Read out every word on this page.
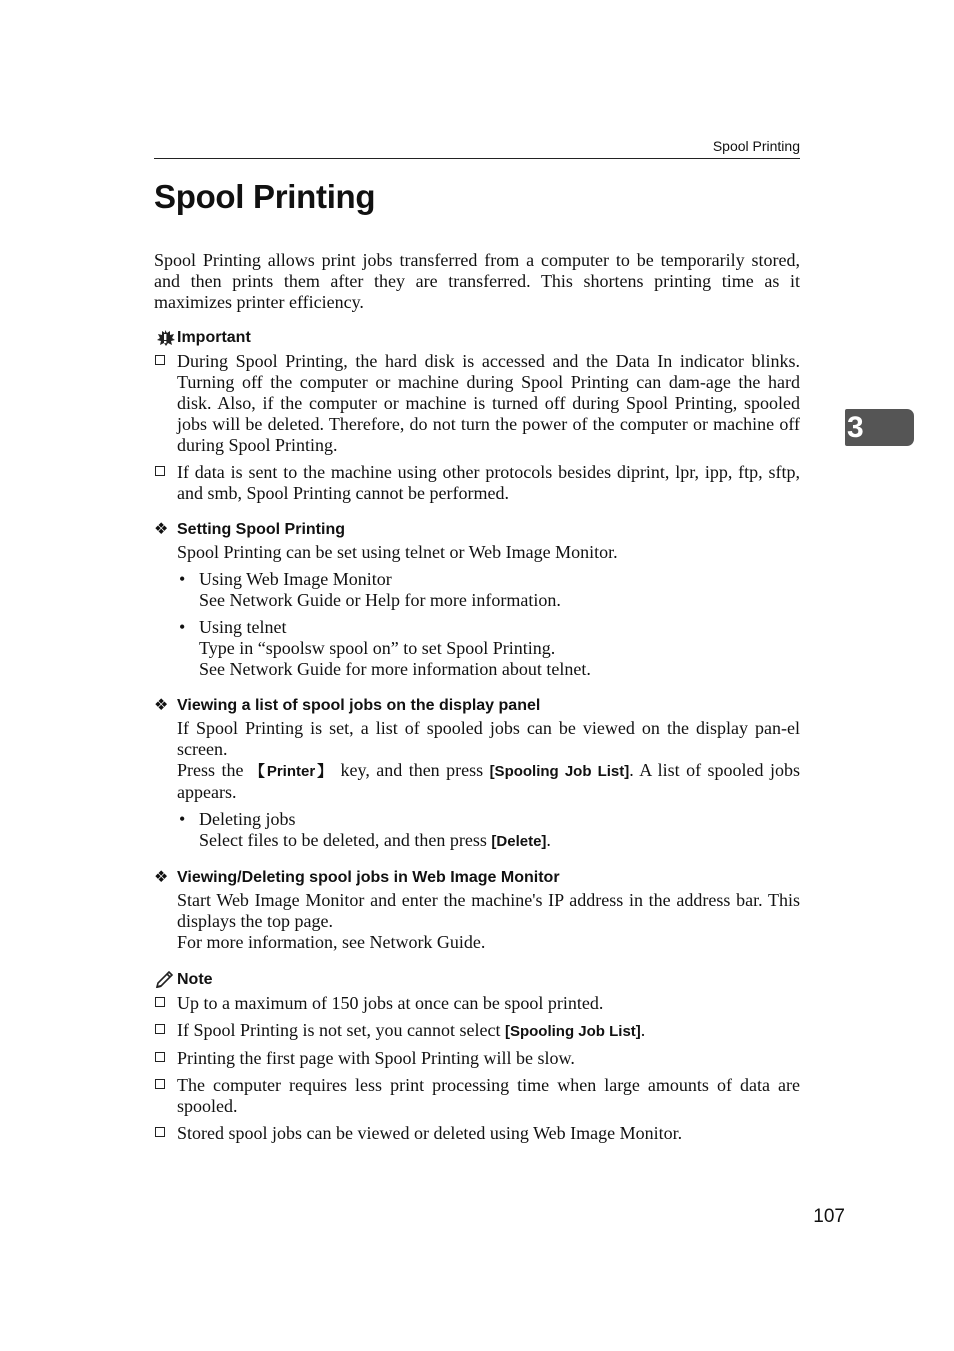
Spool Printing
Spool Printing
3

Spool Printing allows print jobs transferred from a computer to be temporarily stored, and then prints them after they are transferred. This shortens printing time as it maximizes printer efficiency.

Important
During Spool Printing, the hard disk is accessed and the Data In indicator blinks. Turning off the computer or machine during Spool Printing can dam-age the hard disk. Also, if the computer or machine is turned off during Spool Printing, spooled jobs will be deleted. Therefore, do not turn the power of the computer or machine off during Spool Printing.
If data is sent to the machine using other protocols besides diprint, lpr, ipp, ftp, sftp, and smb, Spool Printing cannot be performed.
❖ Setting Spool Printing

Spool Printing can be set using telnet or Web Image Monitor.

• Using Web Image Monitor

See Network Guide or Help for more information.

• Using telnet

Type in “spoolsw spool on” to set Spool Printing.

See Network Guide for more information about telnet.

❖ Viewing a list of spool jobs on the display panel

If Spool Printing is set, a list of spooled jobs can be viewed on the display pan-el screen.

Press the 【Printer】 key, and then press [Spooling Job List]. A list of spooled jobs appears.

• Deleting jobs

Select files to be deleted, and then press [Delete].

❖ Viewing/Deleting spool jobs in Web Image Monitor

Start Web Image Monitor and enter the machine's IP address in the address bar. This displays the top page.

For more information, see Network Guide.

Note
Up to a maximum of 150 jobs at once can be spool printed.
If Spool Printing is not set, you cannot select [Spooling Job List].
Printing the first page with Spool Printing will be slow.
The computer requires less print processing time when large amounts of data are spooled.
Stored spool jobs can be viewed or deleted using Web Image Monitor.
107
